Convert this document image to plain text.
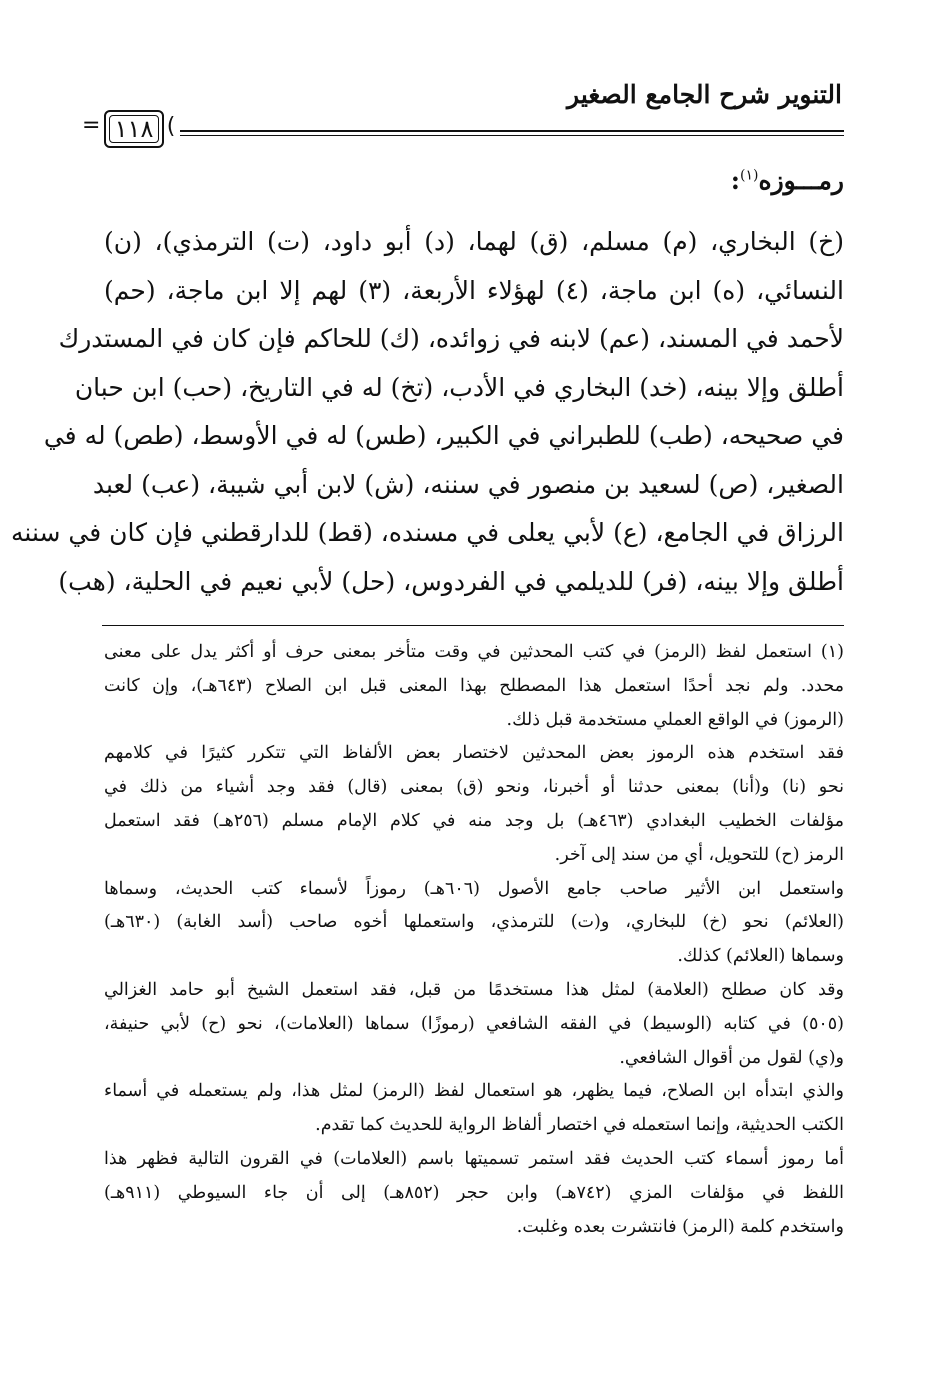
التنوير شرح الجامع الصغير
)
١١٨
=
رمـــوزه$^{(١)}$:
(خ) البخاري، (م) مسلم، (ق) لهما، (د) أبو داود، (ت) الترمذي)، (ن)
النسائي، (ه) ابن ماجة، (٤) لهؤلاء الأربعة، (٣) لهم إلا ابن ماجة، (حم)
لأحمد في المسند، (عم) لابنه في زوائده، (ك) للحاكم فإن كان في المستدرك
أطلق وإلا بينه، (خد) البخاري في الأدب، (تخ) له في التاريخ، (حب) ابن حبان
في صحيحه، (طب) للطبراني في الكبير، (طس) له في الأوسط، (طص) له في
الصغير، (ص) لسعيد بن منصور في سننه، (ش) لابن أبي شيبة، (عب) لعبد
الرزاق في الجامع، (ع) لأبي يعلى في مسنده، (قط) للدارقطني فإن كان في سننه
أطلق وإلا بينه، (فر) للديلمي في الفردوس، (حل) لأبي نعيم في الحلية، (هب)
(١) استعمل لفظ (الرمز) في كتب المحدثين في وقت متأخر بمعنى حرف أو أكثر يدل على معنى
محدد. ولم نجد أحدًا استعمل هذا المصطلح بهذا المعنى قبل ابن الصلاح (٦٤٣هـ)، وإن كانت
(الرموز) في الواقع العملي مستخدمة قبل ذلك.
فقد استخدم هذه الرموز بعض المحدثين لاختصار بعض الألفاظ التي تتكرر كثيرًا في كلامهم
نحو (نا) و(أنا) بمعنى حدثنا أو أخبرنا، ونحو (ق) بمعنى (قال) فقد وجد أشياء من ذلك في
مؤلفات الخطيب البغدادي (٤٦٣هـ) بل وجد منه في كلام الإمام مسلم (٢٥٦هـ) فقد استعمل
الرمز (ح) للتحويل، أي من سند إلى آخر.
واستعمل ابن الأثير صاحب جامع الأصول (٦٠٦هـ) رموزاً لأسماء كتب الحديث، وسماها
(العلائم) نحو (خ) للبخاري، و(ت) للترمذي، واستعملها أخوه صاحب (أسد الغابة) (٦٣٠هـ)
وسماها (العلائم) كذلك.
وقد كان صطلح (العلامة) لمثل هذا مستخدمًا من قبل، فقد استعمل الشيخ أبو حامد الغزالي
(٥٠٥) في كتابه (الوسيط) في الفقه الشافعي (رموزًا) سماها (العلامات)، نحو (ح) لأبي حنيفة،
و(ي) لقول من أقوال الشافعي.
والذي ابتدأه ابن الصلاح، فيما يظهر، هو استعمال لفظ (الرمز) لمثل هذا، ولم يستعمله في أسماء
الكتب الحديثية، وإنما استعمله في اختصار ألفاظ الرواية للحديث كما تقدم.
أما رموز أسماء كتب الحديث فقد استمر تسميتها باسم (العلامات) في القرون التالية فظهر هذا
اللفظ في مؤلفات المزي (٧٤٢هـ) وابن حجر (٨٥٢هـ) إلى أن جاء السيوطي (٩١١هـ)
واستخدم كلمة (الرمز) فانتشرت بعده وغلبت.
